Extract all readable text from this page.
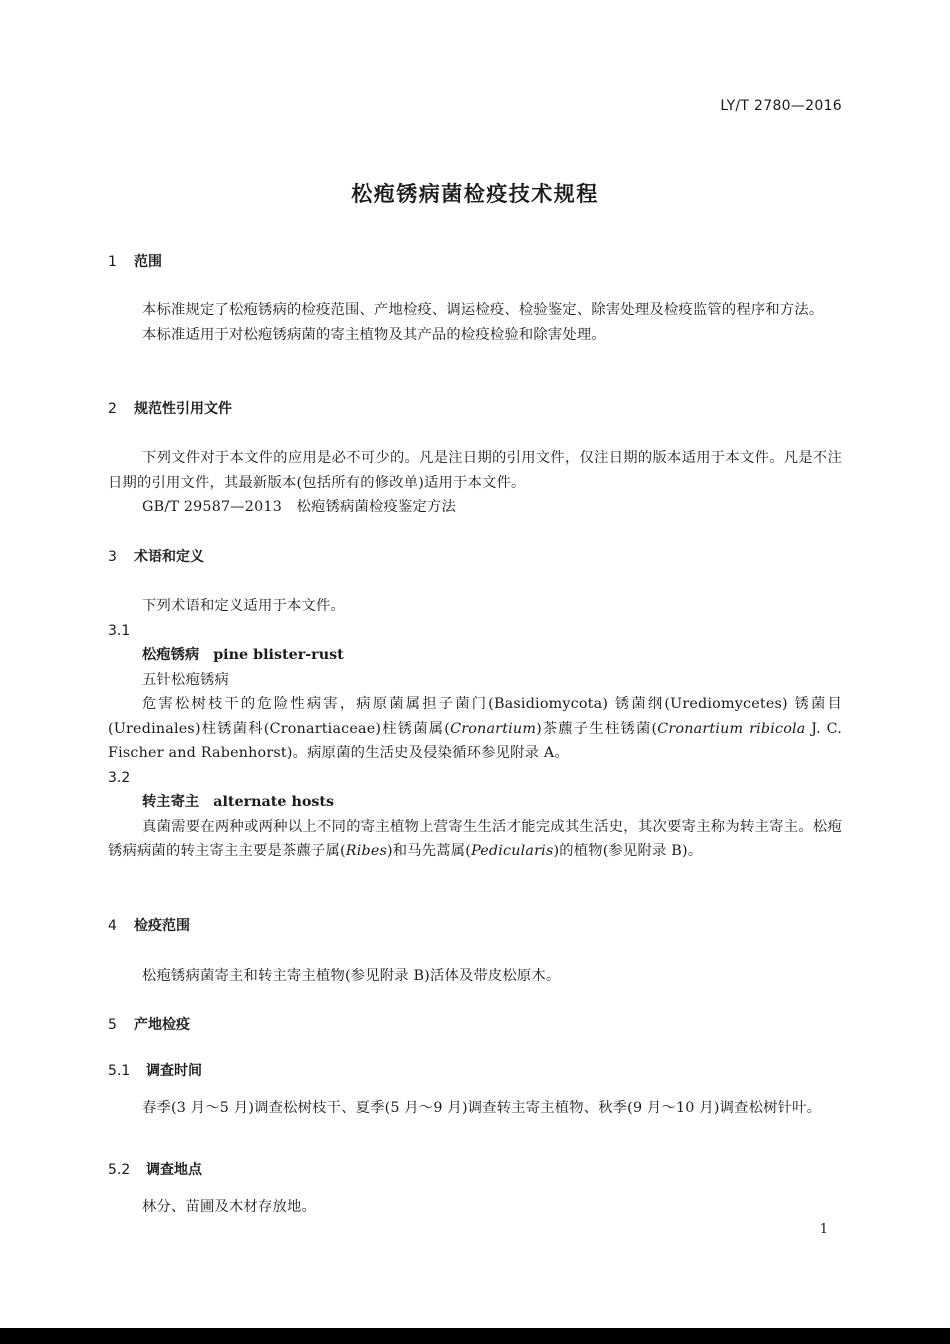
LY/T 2780—2016
松疱锈病菌检疫技术规程
1 范围
本标准规定了松疱锈病的检疫范围、产地检疫、调运检疫、检验鉴定、除害处理及检疫监管的程序和方法。
本标准适用于对松疱锈病菌的寄主植物及其产品的检疫检验和除害处理。
2 规范性引用文件
下列文件对于本文件的应用是必不可少的。凡是注日期的引用文件，仅注日期的版本适用于本文件。凡是不注日期的引用文件，其最新版本(包括所有的修改单)适用于本文件。
GB/T 29587—2013　松疱锈病菌检疫鉴定方法
3 术语和定义
下列术语和定义适用于本文件。
3.1
松疱锈病 pine blister-rust
五针松疱锈病
危害松树枝干的危险性病害，病原菌属担子菌门(Basidiomycota) 锈菌纲(Urediomycetes) 锈菌目(Uredinales)柱锈菌科(Cronartiaceae)柱锈菌属(Cronartium)茶藨子生柱锈菌(Cronartium ribicola J. C. Fischer and Rabenhorst)。病原菌的生活史及侵染循环参见附录 A。
3.2
转主寄主 alternate hosts
真菌需要在两种或两种以上不同的寄主植物上营寄生生活才能完成其生活史，其次要寄主称为转主寄主。松疱锈病病菌的转主寄主主要是茶藨子属(Ribes)和马先蒿属(Pedicularis)的植物(参见附录 B)。
4 检疫范围
松疱锈病菌寄主和转主寄主植物(参见附录 B)活体及带皮松原木。
5 产地检疫
5.1 调查时间
春季(3 月～5 月)调查松树枝干、夏季(5 月～9 月)调查转主寄主植物、秋季(9 月～10 月)调查松树针叶。
5.2 调查地点
林分、苗圃及木材存放地。
1
